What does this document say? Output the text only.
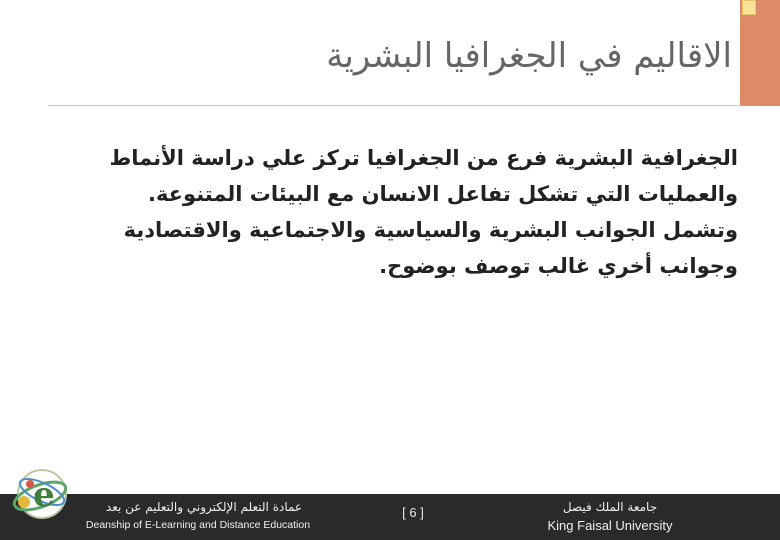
الاقاليم في الجغرافيا البشرية
الجغرافية البشرية فرع من الجغرافيا تركز علي دراسة الأنماط
والعمليات التي تشكل تفاعل الانسان مع البيئات المتنوعة.
وتشمل الجوانب البشرية والسياسية والاجتماعية والاقتصادية
وجوانب أخري غالب توصف بوضوح.
e	عمادة التعلم الإلكتروني والتعليم عن بعد
Deanship of E-Learning and Distance Education
[ 6 ]	جامعة الملك فيصل
King Faisal University
